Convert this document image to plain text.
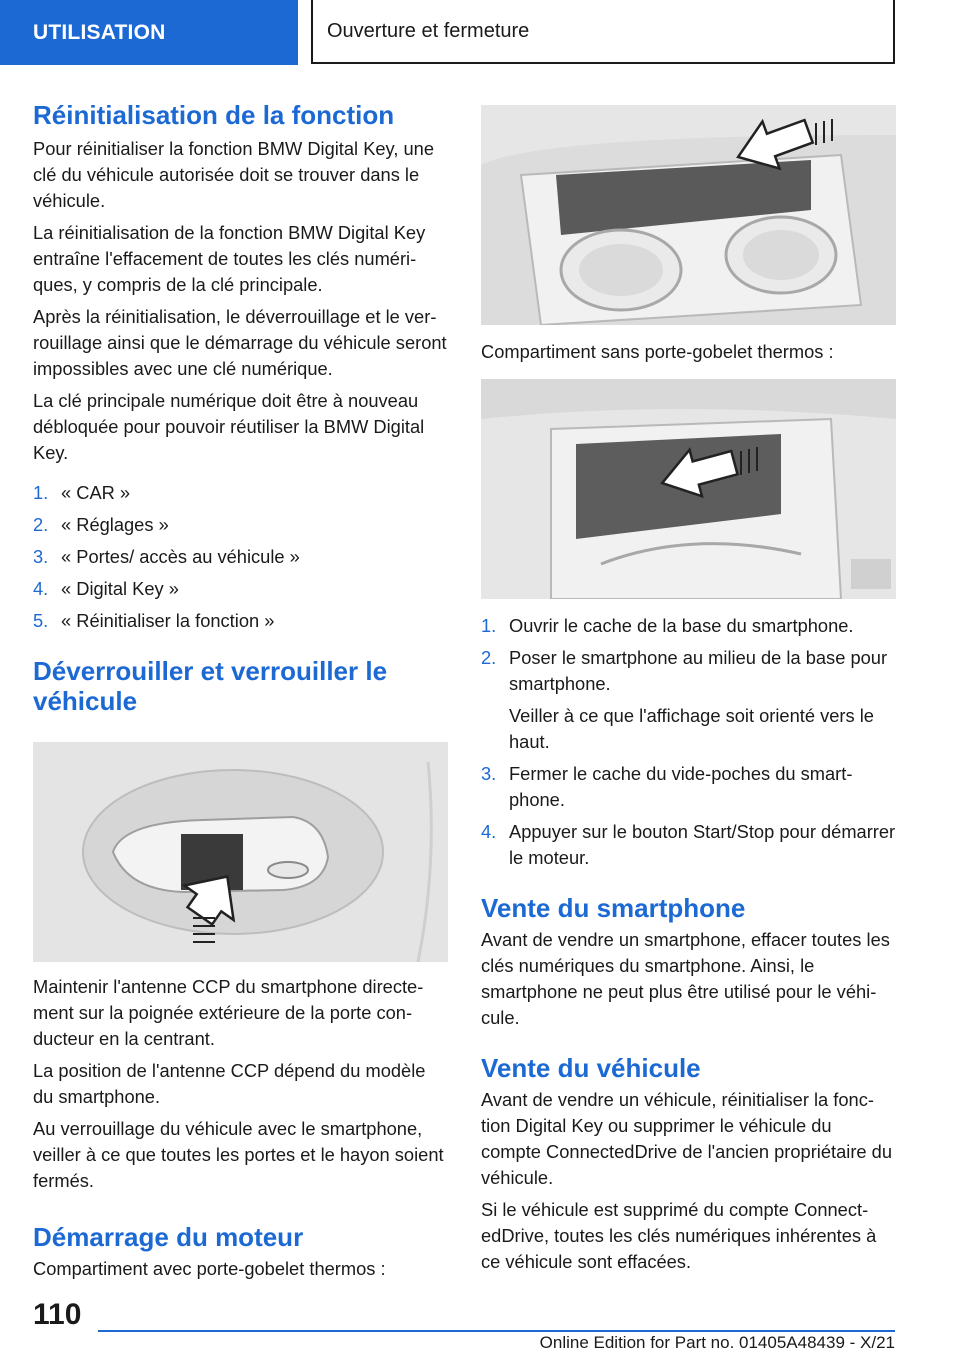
UTILISATION	Ouverture et fermeture
Réinitialisation de la fonction

Pour réinitialiser la fonction BMW Digital Key, une clé du véhicule autorisée doit se trouver dans le véhicule.

La réinitialisation de la fonction BMW Digital Key entraîne l'effacement de toutes les clés numériques, y compris de la clé principale.

Après la réinitialisation, le déverrouillage et le verrouillage ainsi que le démarrage du véhicule seront impossibles avec une clé numérique.

La clé principale numérique doit être à nouveau débloquée pour pouvoir réutiliser la BMW Digital Key.

1. « CAR »
2. « Réglages »
3. « Portes/ accès au véhicule »
4. « Digital Key »
5. « Réinitialiser la fonction »
Déverrouiller et verrouiller le véhicule

Maintenir l'antenne CCP du smartphone directement sur la poignée extérieure de la porte conducteur en la centrant.

La position de l'antenne CCP dépend du modèle du smartphone.

Au verrouillage du véhicule avec le smartphone, veiller à ce que toutes les portes et le hayon soient fermés.

Démarrage du moteur

Compartiment avec porte-gobelet thermos :

Compartiment sans porte-gobelet thermos :

1. Ouvrir le cache de la base du smartphone.
2. Poser le smartphone au milieu de la base pour smartphone.
Veiller à ce que l'affichage soit orienté vers le haut.
3. Fermer le cache du vide-poches du smartphone.
4. Appuyer sur le bouton Start/Stop pour démarrer le moteur.
Vente du smartphone

Avant de vendre un smartphone, effacer toutes les clés numériques du smartphone. Ainsi, le smartphone ne peut plus être utilisé pour le véhicule.

Vente du véhicule

Avant de vendre un véhicule, réinitialiser la fonction Digital Key ou supprimer le véhicule du compte ConnectedDrive de l'ancien propriétaire du véhicule.

Si le véhicule est supprimé du compte ConnectedDrive, toutes les clés numériques inhérentes à ce véhicule sont effacées.

110
Online Edition for Part no. 01405A48439 - X/21
